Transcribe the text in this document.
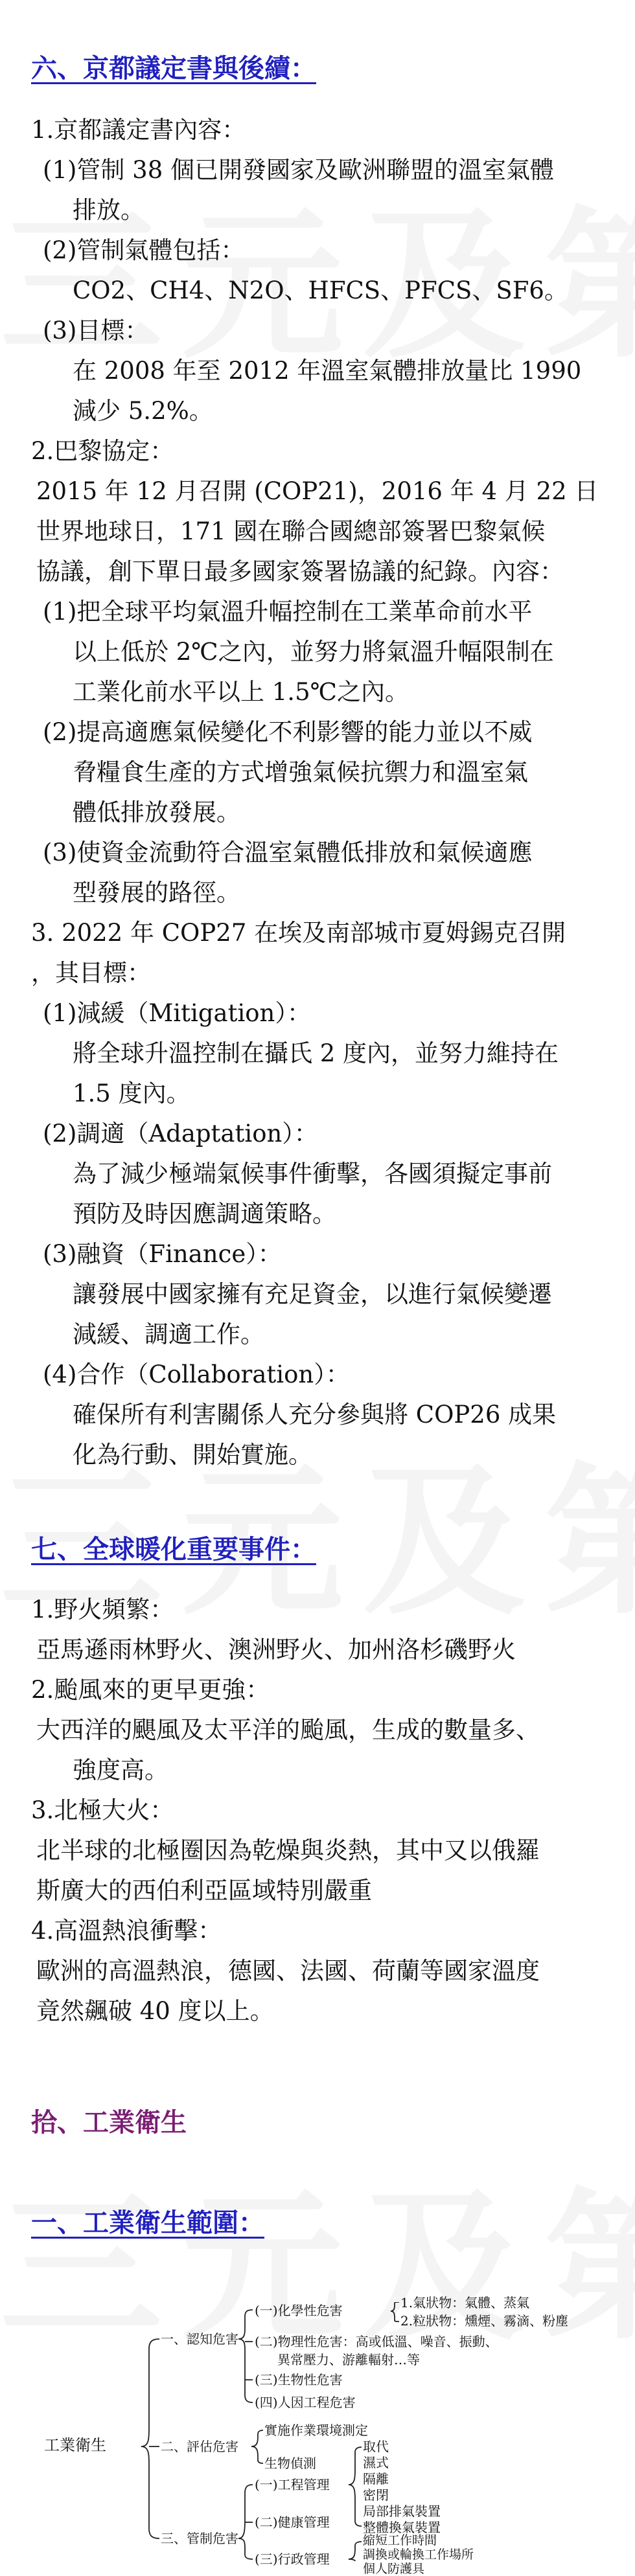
六、京都議定書與後續：
1.京都議定書內容：
(1)管制 38 個已開發國家及歐洲聯盟的溫室氣體
排放。
(2)管制氣體包括：
CO2、CH4、N2O、HFCS、PFCS、SF6。
(3)目標：
在 2008 年至 2012 年溫室氣體排放量比 1990
減少 5.2%。
2.巴黎協定：
2015 年 12 月召開 (COP21)，2016 年 4 月 22 日
世界地球日，171 國在聯合國總部簽署巴黎氣候
協議，創下單日最多國家簽署協議的紀錄。內容：
(1)把全球平均氣溫升幅控制在工業革命前水平
以上低於 2℃之內，並努力將氣溫升幅限制在
工業化前水平以上 1.5℃之內。
(2)提高適應氣候變化不利影響的能力並以不威
脅糧食生產的方式增強氣候抗禦力和溫室氣
體低排放發展。
(3)使資金流動符合溫室氣體低排放和氣候適應
型發展的路徑。
3. 2022 年 COP27 在埃及南部城市夏姆錫克召開
，其目標：
(1)減緩（Mitigation）：
將全球升溫控制在攝氏 2 度內，並努力維持在
1.5 度內。
(2)調適（Adaptation）：
為了減少極端氣候事件衝擊，各國須擬定事前
預防及時因應調適策略。
(3)融資（Finance）：
讓發展中國家擁有充足資金，以進行氣候變遷
減緩、調適工作。
(4)合作（Collaboration）：
確保所有利害關係人充分參與將 COP26 成果
化為行動、開始實施。
七、全球暖化重要事件：
1.野火頻繁：
亞馬遜雨林野火、澳洲野火、加州洛杉磯野火
2.颱風來的更早更強：
大西洋的颶風及太平洋的颱風，生成的數量多、
強度高。
3.北極大火：
北半球的北極圈因為乾燥與炎熱，其中又以俄羅
斯廣大的西伯利亞區域特別嚴重
4.高溫熱浪衝擊：
歐洲的高溫熱浪，德國、法國、荷蘭等國家溫度
竟然飆破 40 度以上。
拾、工業衛生
一、工業衛生範圍：
工業衛生
一、認知危害
(一)化學性危害	1.氣狀物：氣體、蒸氣
2.粒狀物：燻煙、霧滴、粉塵
(二)物理性危害：高或低溫、噪音、振動、
異常壓力、游離輻射…等
(三)生物性危害
(四)人因工程危害
二、評估危害
實施作業環境測定
生物偵測
三、管制危害
(一)工程管理
取代
濕式
隔離
密閉
局部排氣裝置
整體換氣裝置
(二)健康管理
(三)行政管理
縮短工作時間
調換或輪換工作場所
個人防護具
